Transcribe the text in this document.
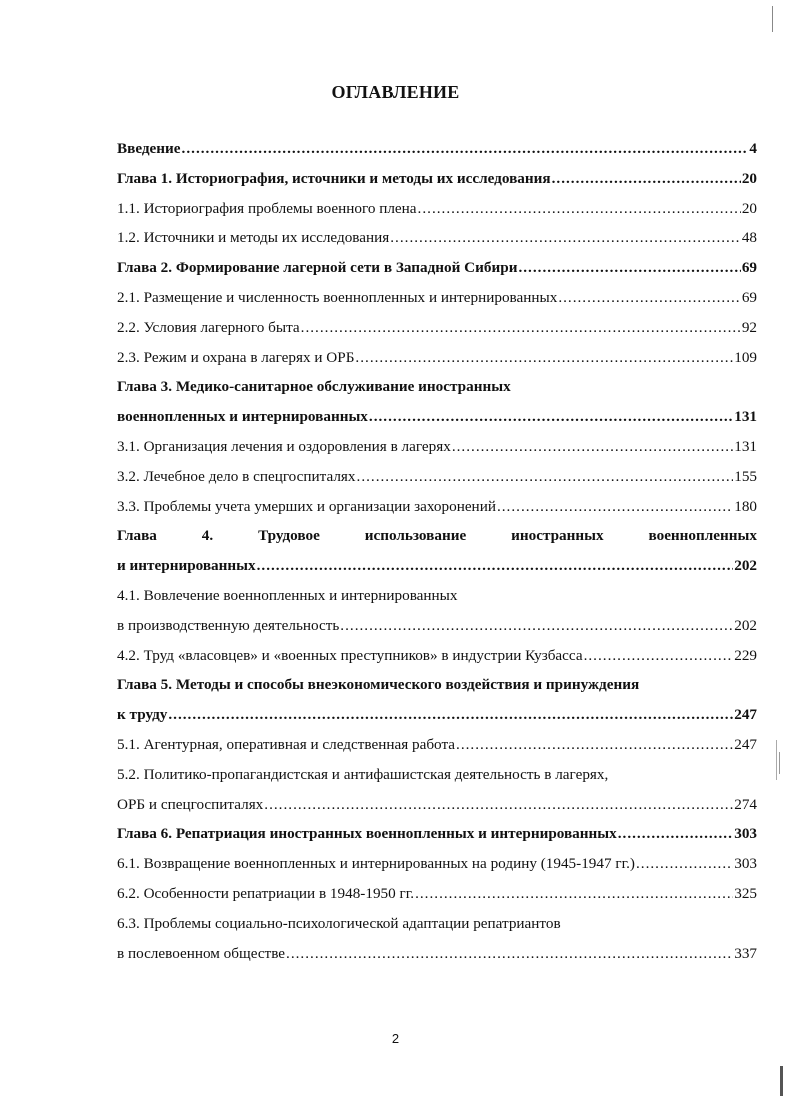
ОГЛАВЛЕНИЕ
Введение .....	4
Глава 1. Историография, источники и методы их исследования .....	20
1.1. Историография проблемы военного плена .....	20
1.2. Источники и методы их исследования .....	48
Глава 2. Формирование лагерной сети в Западной Сибири .....	69
2.1. Размещение и численность военнопленных и интернированных .....	69
2.2. Условия лагерного быта .....	92
2.3. Режим и охрана в лагерях и ОРБ .....	109
Глава 3. Медико-санитарное обслуживание иностранных
военнопленных и интернированных .....	131
3.1. Организация лечения и оздоровления в лагерях .....	131
3.2. Лечебное дело в спецгоспиталях .....	155
3.3. Проблемы учета умерших и организации захоронений .....	180
Глава	4.	Трудовое	использование	иностранных	военнопленных
и интернированных .....	202
4.1. Вовлечение военнопленных и интернированных
в производственную деятельность .....	202
4.2. Труд «власовцев» и «военных преступников» в индустрии Кузбасса .....	229
Глава 5. Методы и способы внеэкономического воздействия и принуждения
к труду .....	247
5.1. Агентурная, оперативная и следственная работа .....	247
5.2. Политико-пропагандистская и антифашистская деятельность в лагерях,
ОРБ и спецгоспиталях .....	274
Глава 6. Репатриация иностранных военнопленных и интернированных .....	303
6.1. Возвращение военнопленных и интернированных на родину (1945-1947 гг.) .....	303
6.2. Особенности репатриации в 1948-1950 гг. .....	325
6.3. Проблемы социально-психологической адаптации репатриантов
в послевоенном обществе .....	337
2
